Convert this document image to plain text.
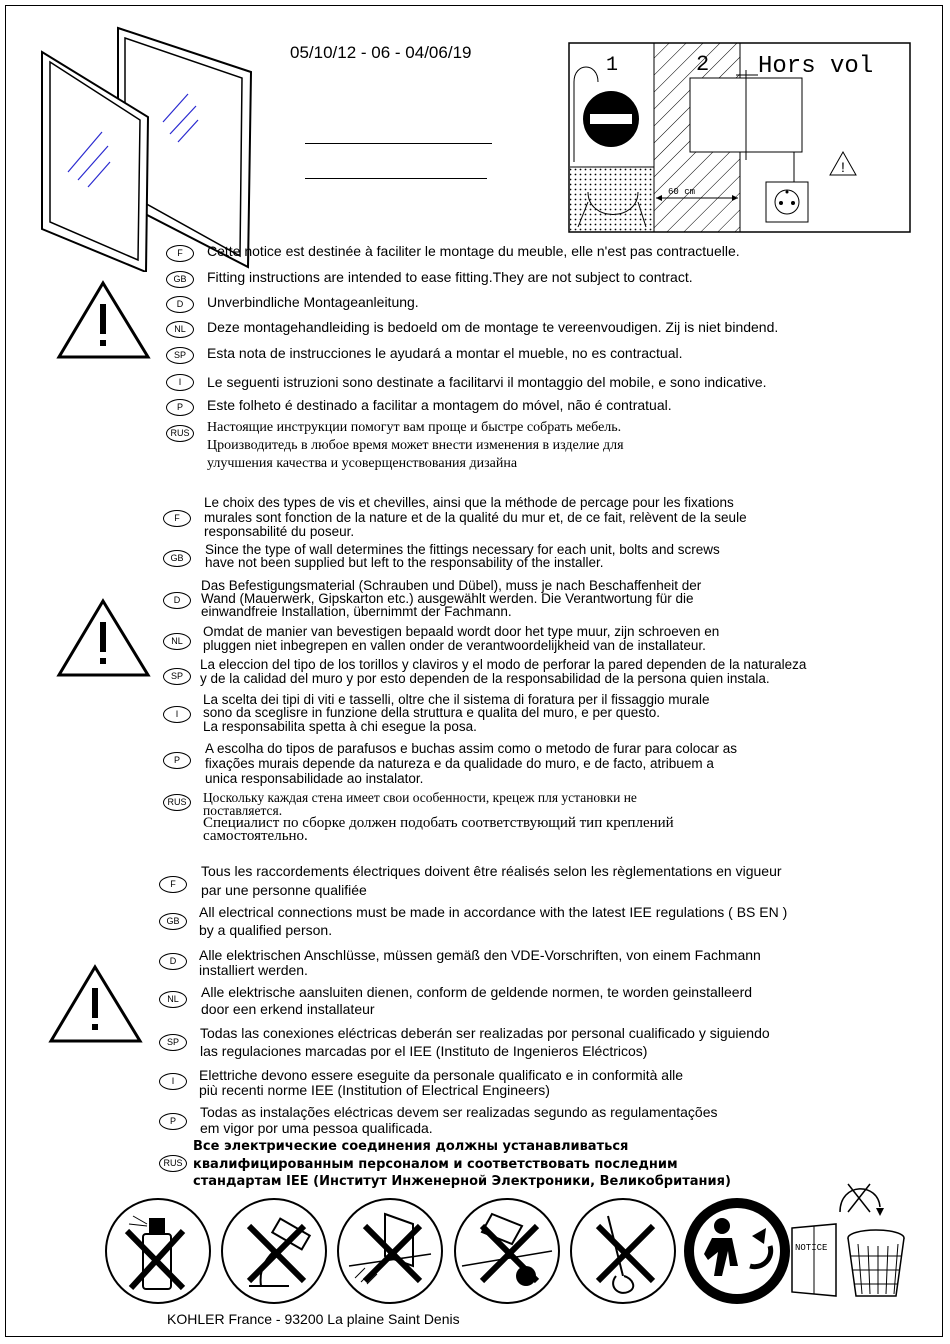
05/10/12 - 06 - 04/06/19
!
60 cm
1	2 Hors vol
F	Cette notice est destinée à faciliter le montage du meuble, elle n'est pas contractuelle.
GB	Fitting instructions are intended to ease fitting.They are not subject to contract.
D	Unverbindliche Montageanleitung.
NL	Deze montagehandleiding is bedoeld om de montage te vereenvoudigen. Zij is niet bindend.
SP	Esta nota de instrucciones le ayudará a montar el mueble, no es contractual.
I	Le seguenti istruzioni sono destinate a facilitarvi il montaggio del mobile, e sono indicative.
P	Este folheto é destinado a facilitar a montagem do móvel, não é contratual.
RUS	Настоящие инструкции помогут вам проще и быстре собрать мебель.
Цроизводитедь в любое время может внести изменения в изделие для
улучшения качества и усоверщенствования дизайна
F
Le choix des types de vis et chevilles, ainsi que la méthode de percage pour les fixations
murales sont fonction de la nature et de la qualité du mur et, de ce fait, relèvent de la seule
responsabilité du poseur.
GB
Since the type of wall determines the fittings necessary for each unit, bolts and screws
have not been supplied but left to the responsability of the installer.
D
Das Befestigungsmaterial (Schrauben und Dübel), muss je nach Beschaffenheit der
Wand (Mauerwerk, Gipskarton etc.) ausgewählt werden. Die Verantwortung für die
einwandfreie Installation, übernimmt der Fachmann.
NL
Omdat de manier van bevestigen bepaald wordt door het type muur, zijn schroeven en
pluggen niet inbegrepen en vallen onder de verantwoordelijkheid van de installateur.
SP
La eleccion del tipo de los torillos y claviros y el modo de perforar la pared dependen de la naturaleza
y de la calidad del muro y por esto dependen de la responsabilidad de la persona quien instala.
I
La scelta dei tipi di viti e tasselli, oltre che il sistema di foratura per il fissaggio murale
sono da sceglisre in funzione della struttura e qualita del muro, e per questo.
La responsabilita spetta à chi esegue la posa.
P
A escolha do tipos de parafusos e buchas assim como o metodo de furar para colocar as
fixações murais depende da natureza e da qualidade do muro, e de facto, atribuem a
unica responsabilidade ao instalator.
RUS	Цоскольку каждая стена имеет свои особенности, крецеж пля установки не
поставляется.
Специалист по сборке должен подобать соответствующий тип креплений
самостоятельно.
F
Tous les raccordements électriques doivent être réalisés selon les règlementations en vigueur
par une personne qualifiée
GB
All electrical connections must be made in accordance with the latest IEE regulations ( BS EN )
by a qualified person.
D	Alle elektrischen Anschlüsse, müssen gemäß den VDE-Vorschriften, von einem Fachmann
installiert werden.
NL	Alle elektrische aansluiten dienen, conform de geldende normen, te worden geinstalleerd
door een erkend installateur
SP
Todas las conexiones eléctricas deberán ser realizadas por personal cualificado y siguiendo
las regulaciones marcadas por el IEE (Instituto de Ingenieros Eléctricos)
I	Elettriche devono essere eseguite da personale qualificato e in conformità alle
più recenti norme IEE (Institution of Electrical Engineers)
P
Todas as instalações eléctricas devem ser realizadas segundo as regulamentações
em vigor por uma pessoa qualificada.
RUS
Все электрические соединения должны устанавливаться
квалифицированным персоналом и соответствовать последним
стандартам IEE (Институт Инженерной Электроники, Великобритания)
NOTICE
KOHLER France - 93200 La plaine Saint Denis
